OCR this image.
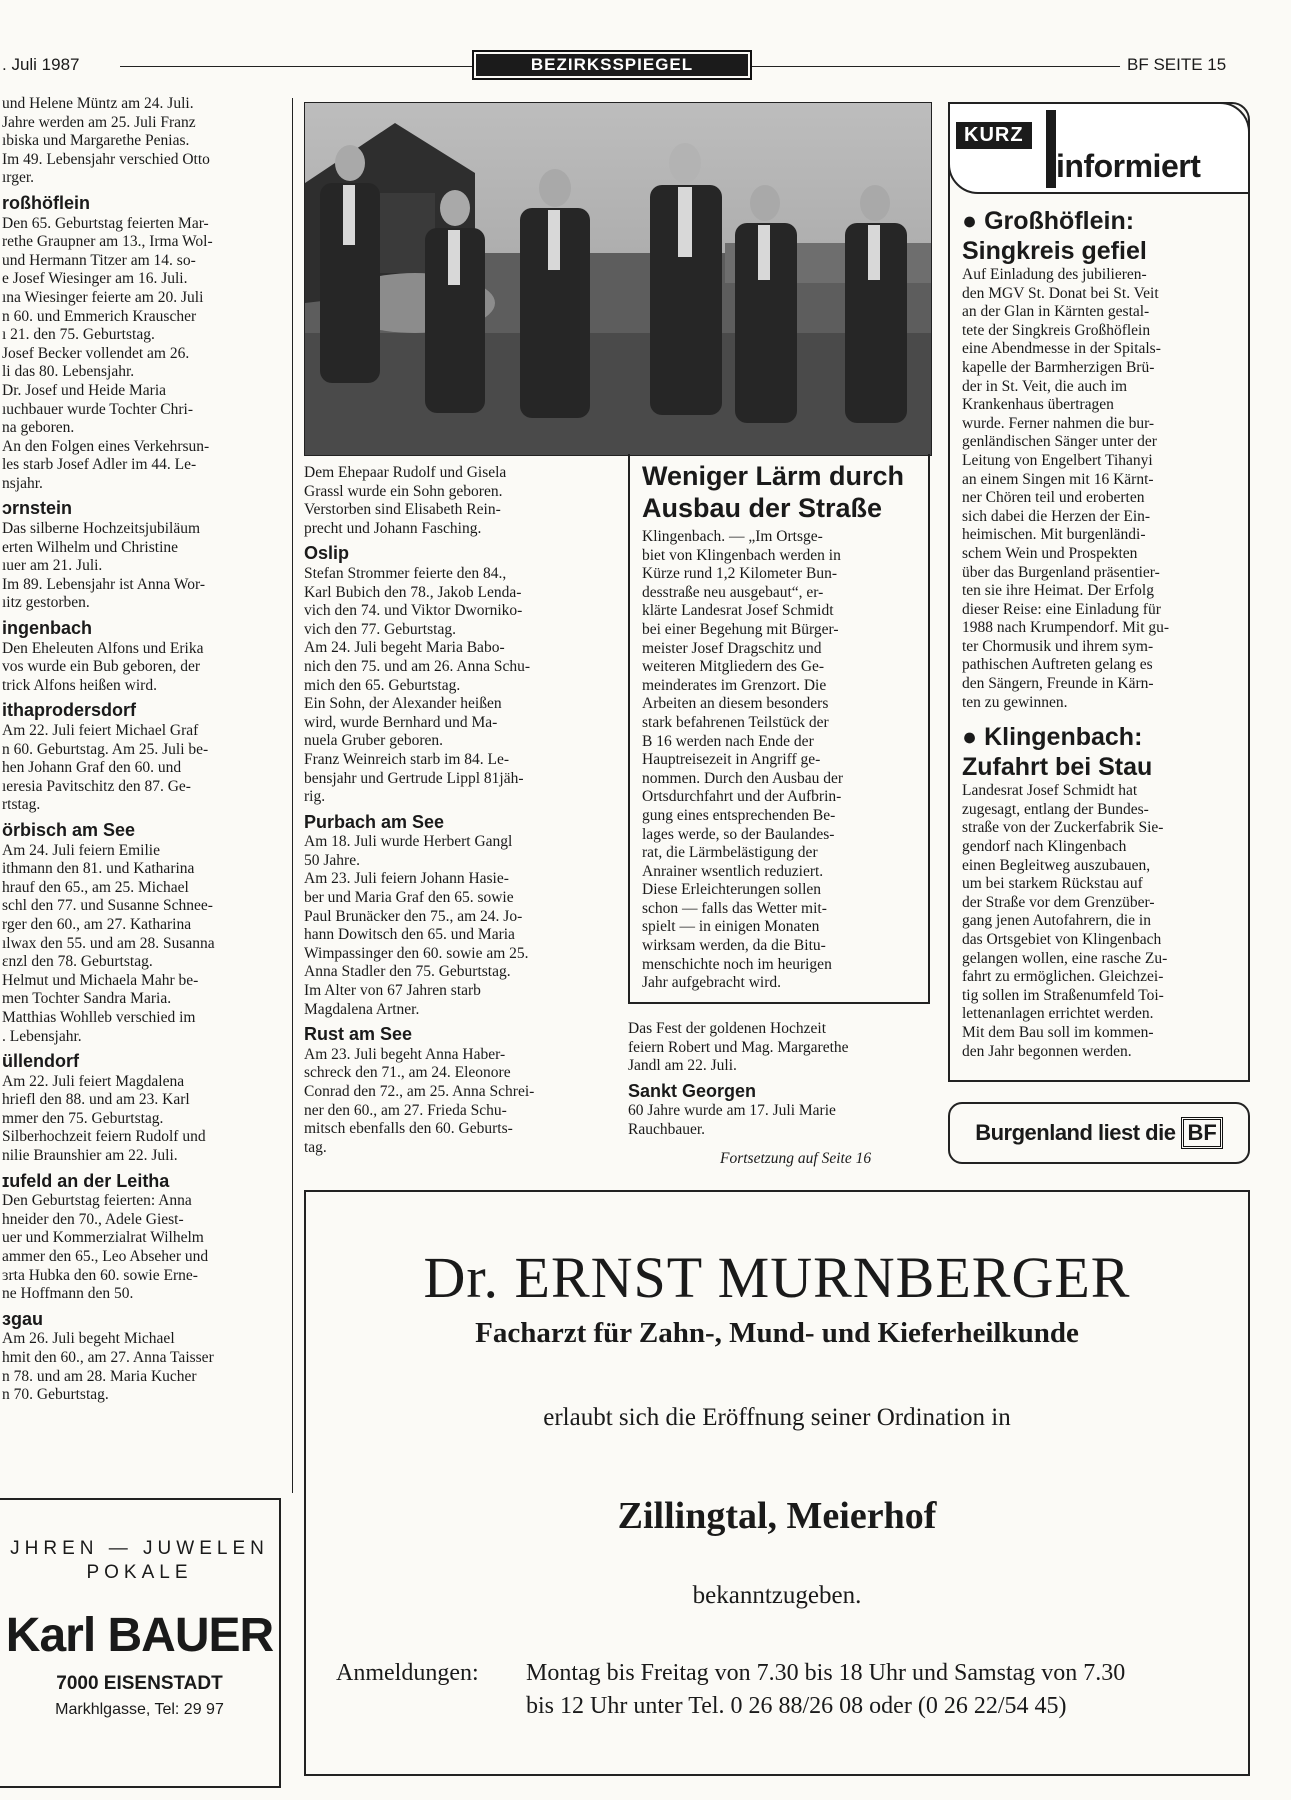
. Juli 1987	BEZIRKSSPIEGEL	BF SEITE 15

und Helene Müntz am 24. Juli.

Jahre werden am 25. Juli Franz

ıbiska und Margarethe Penias.

Im 49. Lebensjahr verschied Otto

ırger.

roßhöflein

Den 65. Geburtstag feierten Mar-

rethe Graupner am 13., Irma Wol-

und Hermann Titzer am 14. so-

e Josef Wiesinger am 16. Juli.

ına Wiesinger feierte am 20. Juli

n 60. und Emmerich Krauscher

ı 21. den 75. Geburtstag.

Josef Becker vollendet am 26.

li das 80. Lebensjahr.

Dr. Josef und Heide Maria

ıuchbauer wurde Tochter Chri-

na geboren.

An den Folgen eines Verkehrsun-

les starb Josef Adler im 44. Le-

nsjahr.

ɔrnstein

Das silberne Hochzeitsjubiläum

erten Wilhelm und Christine

ıuer am 21. Juli.

Im 89. Lebensjahr ist Anna Wor-

ıitz gestorben.

ingenbach

Den Eheleuten Alfons und Erika

vos wurde ein Bub geboren, der

trick Alfons heißen wird.

ithaprodersdorf

Am 22. Juli feiert Michael Graf

n 60. Geburtstag. Am 25. Juli be-

hen Johann Graf den 60. und

ıeresia Pavitschitz den 87. Ge-

rtstag.

örbisch am See

Am 24. Juli feiern Emilie

ithmann den 81. und Katharina

hrauf den 65., am 25. Michael

schl den 77. und Susanne Schnee-

rger den 60., am 27. Katharina

ılwax den 55. und am 28. Susanna

ɛnzl den 78. Geburtstag.

Helmut und Michaela Mahr be-

men Tochter Sandra Maria.

Matthias Wohlleb verschied im

. Lebensjahr.

üllendorf

Am 22. Juli feiert Magdalena

hriefl den 88. und am 23. Karl

mmer den 75. Geburtstag.

Silberhochzeit feiern Rudolf und

nilie Braunshier am 22. Juli.

ɪufeld an der Leitha

Den Geburtstag feierten: Anna

hneider den 70., Adele Giest-

uer und Kommerzialrat Wilhelm

ammer den 65., Leo Abseher und

ɜrta Hubka den 60. sowie Erne-

ne Hoffmann den 50.

ɜgau

Am 26. Juli begeht Michael

hmit den 60., am 27. Anna Taisser

n 78. und am 28. Maria Kucher

n 70. Geburtstag.

Dem Ehepaar Rudolf und Gisela

Grassl wurde ein Sohn geboren.

Verstorben sind Elisabeth Rein-

precht und Johann Fasching.

Oslip

Stefan Strommer feierte den 84.,

Karl Bubich den 78., Jakob Lenda-

vich den 74. und Viktor Dworniko-

vich den 77. Geburtstag.

Am 24. Juli begeht Maria Babo-

nich den 75. und am 26. Anna Schu-

mich den 65. Geburtstag.

Ein Sohn, der Alexander heißen

wird, wurde Bernhard und Ma-

nuela Gruber geboren.

Franz Weinreich starb im 84. Le-

bensjahr und Gertrude Lippl 81jäh-

rig.

Purbach am See

Am 18. Juli wurde Herbert Gangl

50 Jahre.

Am 23. Juli feiern Johann Hasie-

ber und Maria Graf den 65. sowie

Paul Brunäcker den 75., am 24. Jo-

hann Dowitsch den 65. und Maria

Wimpassinger den 60. sowie am 25.

Anna Stadler den 75. Geburtstag.

Im Alter von 67 Jahren starb

Magdalena Artner.

Rust am See

Am 23. Juli begeht Anna Haber-

schreck den 71., am 24. Eleonore

Conrad den 72., am 25. Anna Schrei-

ner den 60., am 27. Frieda Schu-

mitsch ebenfalls den 60. Geburts-

tag.

Weniger Lärm durch
Ausbau der Straße
Klingenbach. — „Im Ortsge-
biet von Klingenbach werden in
Kürze rund 1,2 Kilometer Bun-
desstraße neu ausgebaut“, er-
klärte Landesrat Josef Schmidt
bei einer Begehung mit Bürger-
meister Josef Dragschitz und
weiteren Mitgliedern des Ge-
meinderates im Grenzort. Die
Arbeiten an diesem besonders
stark befahrenen Teilstück der
B 16 werden nach Ende der
Hauptreisezeit in Angriff ge-
nommen. Durch den Ausbau der
Ortsdurchfahrt und der Aufbrin-
gung eines entsprechenden Be-
lages werde, so der Baulandes-
rat, die Lärmbelästigung der
Anrainer wsentlich reduziert.
Diese Erleichterungen sollen
schon — falls das Wetter mit-
spielt — in einigen Monaten
wirksam werden, da die Bitu-
menschichte noch im heurigen
Jahr aufgebracht wird.

Das Fest der goldenen Hochzeit

feiern Robert und Mag. Margarethe

Jandl am 22. Juli.

Sankt Georgen

60 Jahre wurde am 17. Juli Marie

Rauchbauer.

Fortsetzung auf Seite 16
KURZ
informiert
● Großhöflein:
Singkreis gefiel
Auf Einladung des jubilieren-
den MGV St. Donat bei St. Veit
an der Glan in Kärnten gestal-
tete der Singkreis Großhöflein
eine Abendmesse in der Spitals-
kapelle der Barmherzigen Brü-
der in St. Veit, die auch im
Krankenhaus übertragen
wurde. Ferner nahmen die bur-
genländischen Sänger unter der
Leitung von Engelbert Tihanyi
an einem Singen mit 16 Kärnt-
ner Chören teil und eroberten
sich dabei die Herzen der Ein-
heimischen. Mit burgenländi-
schem Wein und Prospekten
über das Burgenland präsentier-
ten sie ihre Heimat. Der Erfolg
dieser Reise: eine Einladung für
1988 nach Krumpendorf. Mit gu-
ter Chormusik und ihrem sym-
pathischen Auftreten gelang es
den Sängern, Freunde in Kärn-
ten zu gewinnen.
● Klingenbach:
Zufahrt bei Stau
Landesrat Josef Schmidt hat
zugesagt, entlang der Bundes-
straße von der Zuckerfabrik Sie-
gendorf nach Klingenbach
einen Begleitweg auszubauen,
um bei starkem Rückstau auf
der Straße vor dem Grenzüber-
gang jenen Autofahrern, die in
das Ortsgebiet von Klingenbach
gelangen wollen, eine rasche Zu-
fahrt zu ermöglichen. Gleichzei-
tig sollen im Straßenumfeld Toi-
lettenanlagen errichtet werden.
Mit dem Bau soll im kommen-
den Jahr begonnen werden.
Burgenland liest die BF
JHREN — JUWELEN
POKALE
Karl BAUER
7000 EISENSTADT
Markhlgasse, Tel: 29 97
Dr. ERNST MURNBERGER
Facharzt für Zahn-, Mund- und Kieferheilkunde
erlaubt sich die Eröffnung seiner Ordination in
Zillingtal, Meierhof
bekanntzugeben.
Anmeldungen: Montag bis Freitag von 7.30 bis 18 Uhr und Samstag von 7.30
bis 12 Uhr unter Tel. 0 26 88/26 08 oder (0 26 22/54 45)
